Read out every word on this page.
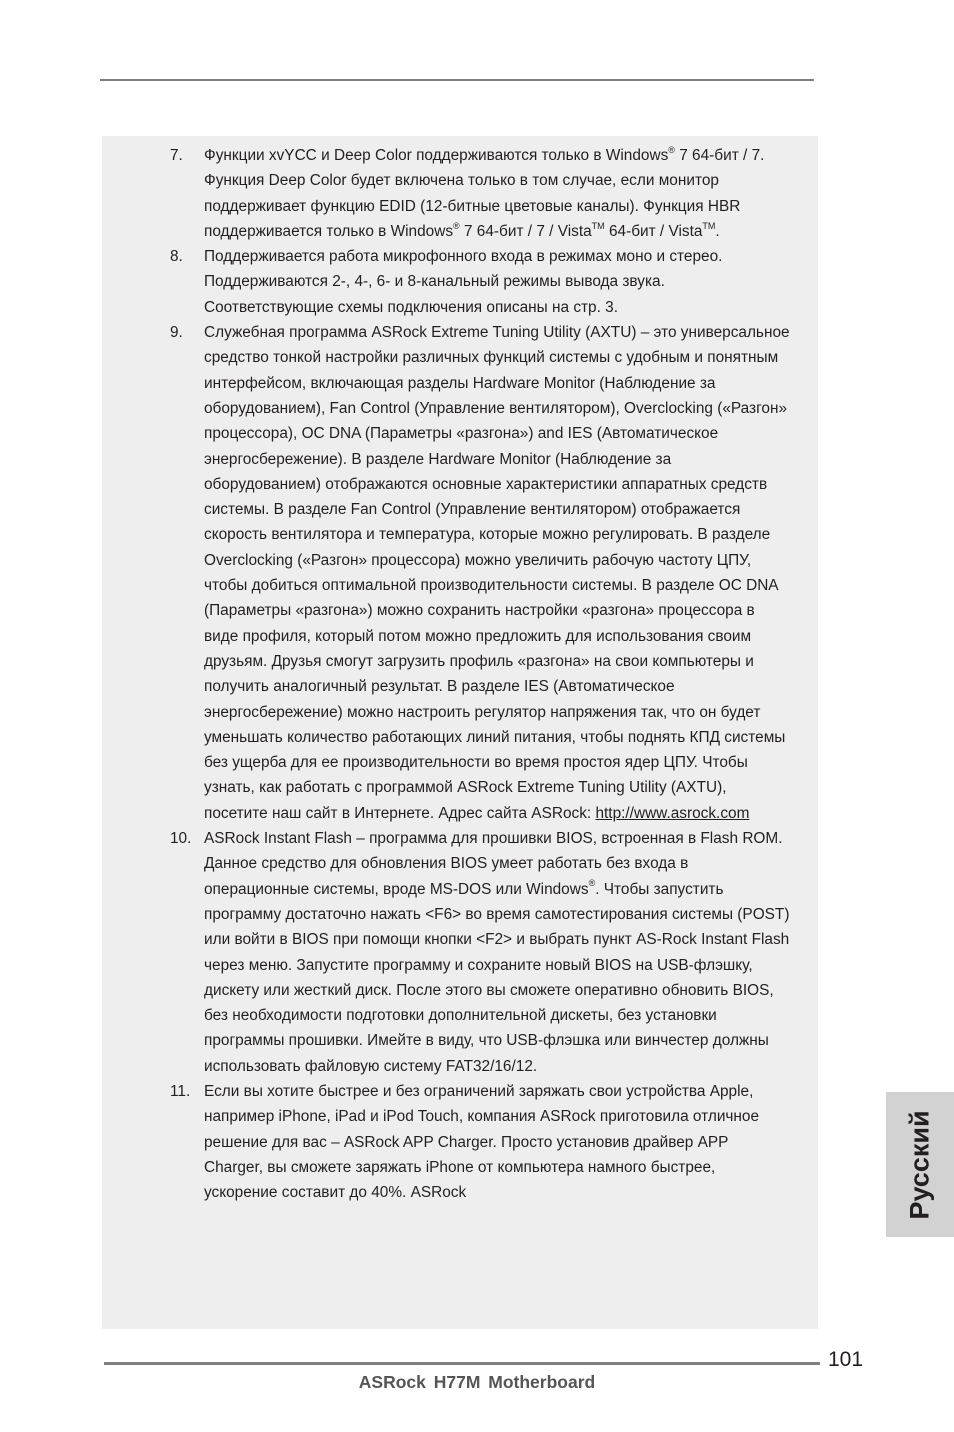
7. Функции xvYCC и Deep Color поддерживаются только в Windows® 7 64-бит / 7. Функция Deep Color будет включена только в том случае, если монитор поддерживает функцию EDID (12-битные цветовые каналы). Функция HBR поддерживается только в Windows® 7 64-бит / 7 / Vista™ 64-бит / Vista™.
8. Поддерживается работа микрофонного входа в режимах моно и стерео. Поддерживаются 2-, 4-, 6- и 8-канальный режимы вывода звука. Соответствующие схемы подключения описаны на стр. 3.
9. Служебная программа ASRock Extreme Tuning Utility (AXTU) – это универсальное средство тонкой настройки различных функций системы с удобным и понятным интерфейсом, включающая разделы Hardware Monitor (Наблюдение за оборудованием), Fan Control (Управление вентилятором), Overclocking («Разгон» процессора), OC DNA (Параметры «разгона») and IES (Автоматическое энергосбережение). В разделе Hardware Monitor (Наблюдение за оборудованием) отображаются основные характеристики аппаратных средств системы. В разделе Fan Control (Управление вентилятором) отображается скорость вентилятора и температура, которые можно регулировать. В разделе Overclocking («Разгон» процессора) можно увеличить рабочую частоту ЦПУ, чтобы добиться оптимальной производительности системы. В разделе OC DNA (Параметры «разгона») можно сохранить настройки «разгона» процессора в виде профиля, который потом можно предложить для использования своим друзьям. Друзья смогут загрузить профиль «разгона» на свои компьютеры и получить аналогичный результат. В разделе IES (Автоматическое энергосбережение) можно настроить регулятор напряжения так, что он будет уменьшать количество работающих линий питания, чтобы поднять КПД системы без ущерба для ее производительности во время простоя ядер ЦПУ. Чтобы узнать, как работать с программой ASRock Extreme Tuning Utility (AXTU), посетите наш сайт в Интернете. Адрес сайта ASRock: http://www.asrock.com
10. ASRock Instant Flash – программа для прошивки BIOS, встроенная в Flash ROM. Данное средство для обновления BIOS умеет работать без входа в операционные системы, вроде MS-DOS или Windows®. Чтобы запустить программу достаточно нажать <F6> во время самотестирования системы (POST) или войти в BIOS при помощи кнопки <F2> и выбрать пункт AS-Rock Instant Flash через меню. Запустите программу и сохраните новый BIOS на USB-флэшку, дискету или жесткий диск. После этого вы сможете оперативно обновить BIOS, без необходимости подготовки дополнительной дискеты, без установки программы прошивки. Имейте в виду, что USB-флэшка или винчестер должны использовать файловую систему FAT32/16/12.
11. Если вы хотите быстрее и без ограничений заряжать свои устройства Apple, например iPhone, iPad и iPod Touch, компания ASRock приготовила отличное решение для вас – ASRock APP Charger. Просто установив драйвер APP Charger, вы сможете заряжать iPhone от компьютера намного быстрее, ускорение составит до 40%. ASRock	Русский
101
ASRock H77M Motherboard
